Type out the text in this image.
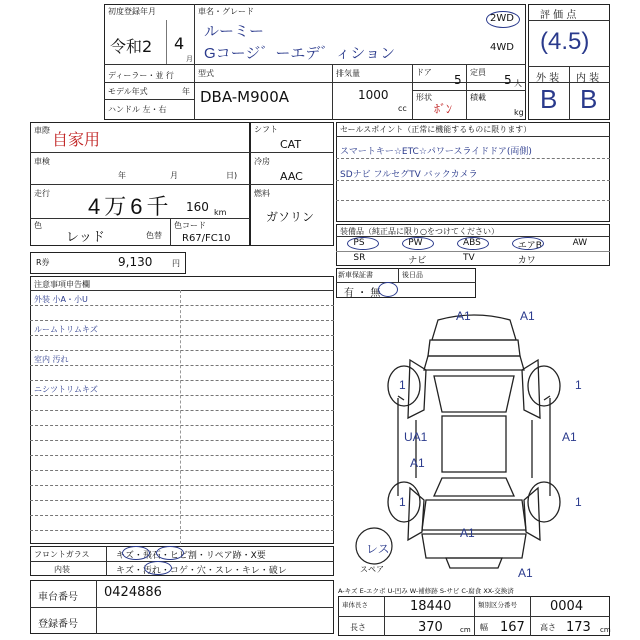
初度登録年月
令和2 4
月
車名・グレード
ルーミー
Gコージ゛ーエデ゛ィション
2WD
4WD
ディーラー・並 行
モデル年式	年
ハンドル 左・右
型式
DBA-M900A
排気量
1000
cc
ドア
5
定員
5 人
形状
ﾎﾞﾝ
積載
kg
評 価 点
(4.5)
外 装 内 装
B B
車際
自家用
車検
年	月	日)
走行
4万6千 160 km
色
レッド	色替
色コード
R67/FC10
シフト
CAT
冷房
AAC
燃料
ガソリン
R券	9,130 円
セールスポイント（正常に機能するものに限ります）
スマートキー☆ETC☆パワースライドドア(両側)
SDナビ フルセグTV バックカメラ
装備品（純正品に限り○をつけてください）
PS	PW	ABS	エアB	AW
SR	ナビ	TV	カワ
新車保証書	後日品
有 ・ 無
注意事項申告欄
外装 小A・小U
ルームトリムキズ
室内 汚れ
ニシツトリムキズ
フロントガラス	キズ・飛石・ヒビ割・リペア跡・X要
内装	キズ・汚れ・コゲ・穴・スレ・キレ・破レ
車台番号 0424886
登録番号
A1	A1
1	1
UA1	A1
A1
1	1
A1
A1
レス
スペア
A-キズ E-エクボ U-凹み W-補修跡 S-サビ C-腐食 XX-交換済
車体長さ	18440	類別区分番号	0004
長さ	370 cm 幅 167 高さ 173 cm
